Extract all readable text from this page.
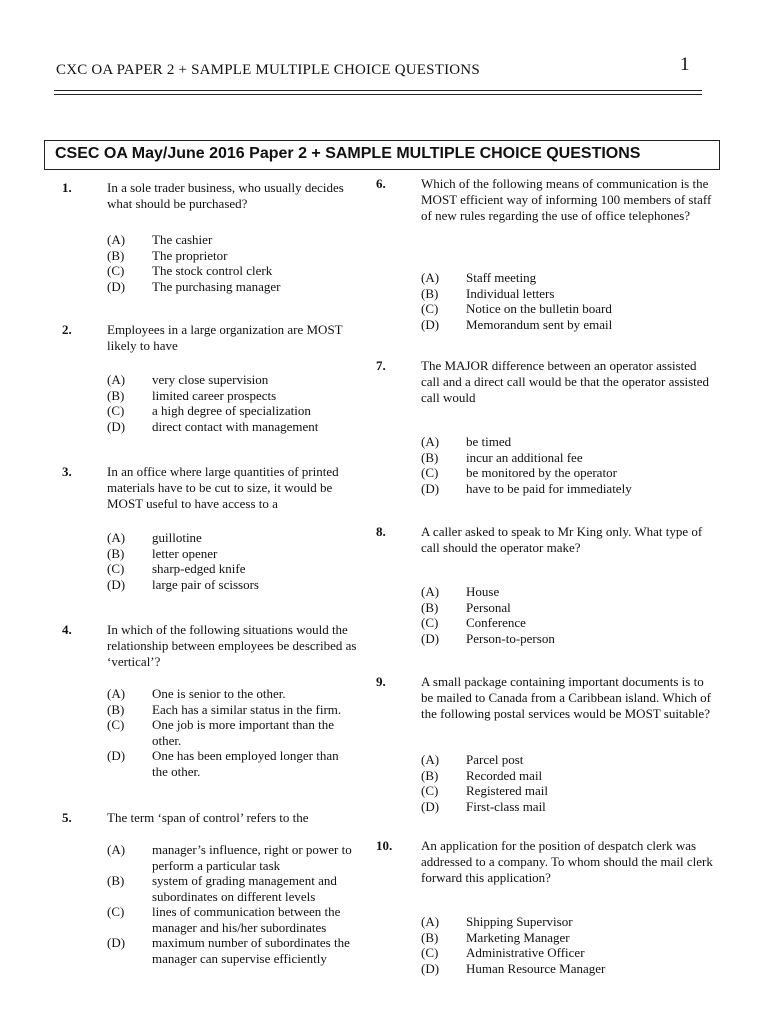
CXC OA PAPER 2 + SAMPLE MULTIPLE CHOICE QUESTIONS	1
CSEC OA May/June 2016 Paper 2 + SAMPLE MULTIPLE CHOICE QUESTIONS
1.	In a sole trader business, who usually decides what should be purchased?
(A) The cashier
(B) The proprietor
(C) The stock control clerk
(D) The purchasing manager
2.	Employees in a large organization are MOST likely to have
(A) very close supervision
(B) limited career prospects
(C) a high degree of specialization
(D) direct contact with management
3.	In an office where large quantities of printed materials have to be cut to size, it would be MOST useful to have access to a
(A) guillotine
(B) letter opener
(C) sharp-edged knife
(D) large pair of scissors
4.	In which of the following situations would the relationship between employees be described as ‘vertical’?
(A) One is senior to the other.
(B) Each has a similar status in the firm.
(C) One job is more important than the other.
(D) One has been employed longer than the other.
5.	The term ‘span of control’ refers to the
(A) manager’s influence, right or power to perform a particular task
(B) system of grading management and subordinates on different levels
(C) lines of communication between the manager and his/her subordinates
(D) maximum number of subordinates the manager can supervise efficiently
6.	Which of the following means of communication is the MOST efficient way of informing 100 members of staff of new rules regarding the use of office telephones?
(A) Staff meeting
(B) Individual letters
(C) Notice on the bulletin board
(D) Memorandum sent by email
7.	The MAJOR difference between an operator assisted call and a direct call would be that the operator assisted call would
(A) be timed
(B) incur an additional fee
(C) be monitored by the operator
(D) have to be paid for immediately
8.	A caller asked to speak to Mr King only. What type of call should the operator make?
(A) House
(B) Personal
(C) Conference
(D) Person-to-person
9.	A small package containing important documents is to be mailed to Canada from a Caribbean island. Which of the following postal services would be MOST suitable?
(A) Parcel post
(B) Recorded mail
(C) Registered mail
(D) First-class mail
10. An application for the position of despatch clerk was addressed to a company. To whom should the mail clerk forward this application?
(A) Shipping Supervisor
(B) Marketing Manager
(C) Administrative Officer
(D) Human Resource Manager
